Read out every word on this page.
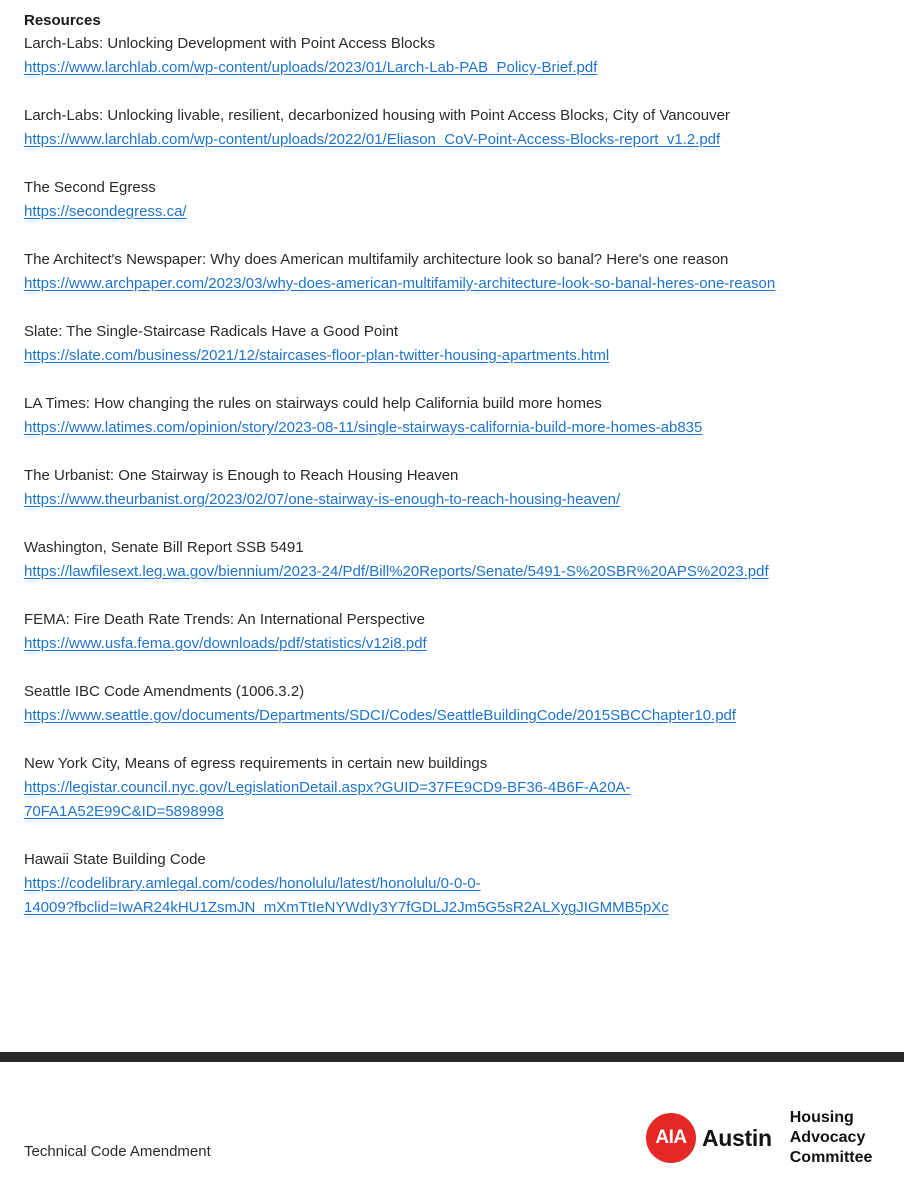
Resources
Larch-Labs: Unlocking Development with Point Access Blocks
https://www.larchlab.com/wp-content/uploads/2023/01/Larch-Lab-PAB_Policy-Brief.pdf
Larch-Labs: Unlocking livable, resilient, decarbonized housing with Point Access Blocks, City of Vancouver
https://www.larchlab.com/wp-content/uploads/2022/01/Eliason_CoV-Point-Access-Blocks-report_v1.2.pdf
The Second Egress
https://secondegress.ca/
The Architect's Newspaper: Why does American multifamily architecture look so banal? Here's one reason
https://www.archpaper.com/2023/03/why-does-american-multifamily-architecture-look-so-banal-heres-one-reason
Slate: The Single-Staircase Radicals Have a Good Point
https://slate.com/business/2021/12/staircases-floor-plan-twitter-housing-apartments.html
LA Times: How changing the rules on stairways could help California build more homes
https://www.latimes.com/opinion/story/2023-08-11/single-stairways-california-build-more-homes-ab835
The Urbanist: One Stairway is Enough to Reach Housing Heaven
https://www.theurbanist.org/2023/02/07/one-stairway-is-enough-to-reach-housing-heaven/
Washington, Senate Bill Report SSB 5491
https://lawfilesext.leg.wa.gov/biennium/2023-24/Pdf/Bill%20Reports/Senate/5491-S%20SBR%20APS%2023.pdf
FEMA: Fire Death Rate Trends: An International Perspective
https://www.usfa.fema.gov/downloads/pdf/statistics/v12i8.pdf
Seattle IBC Code Amendments (1006.3.2)
https://www.seattle.gov/documents/Departments/SDCI/Codes/SeattleBuildingCode/2015SBCChapter10.pdf
New York City, Means of egress requirements in certain new buildings
https://legistar.council.nyc.gov/LegislationDetail.aspx?GUID=37FE9CD9-BF36-4B6F-A20A-
70FA1A52E99C&ID=5898998
Hawaii State Building Code
https://codelibrary.amlegal.com/codes/honolulu/latest/honolulu/0-0-0-
14009?fbclid=IwAR24kHU1ZsmJN_mXmTtIeNYWdIy3Y7fGDLJ2Jm5G5sR2ALXygJIGMMB5pXc
Technical Code Amendment
AIA Austin
Housing
Advocacy
Committee
